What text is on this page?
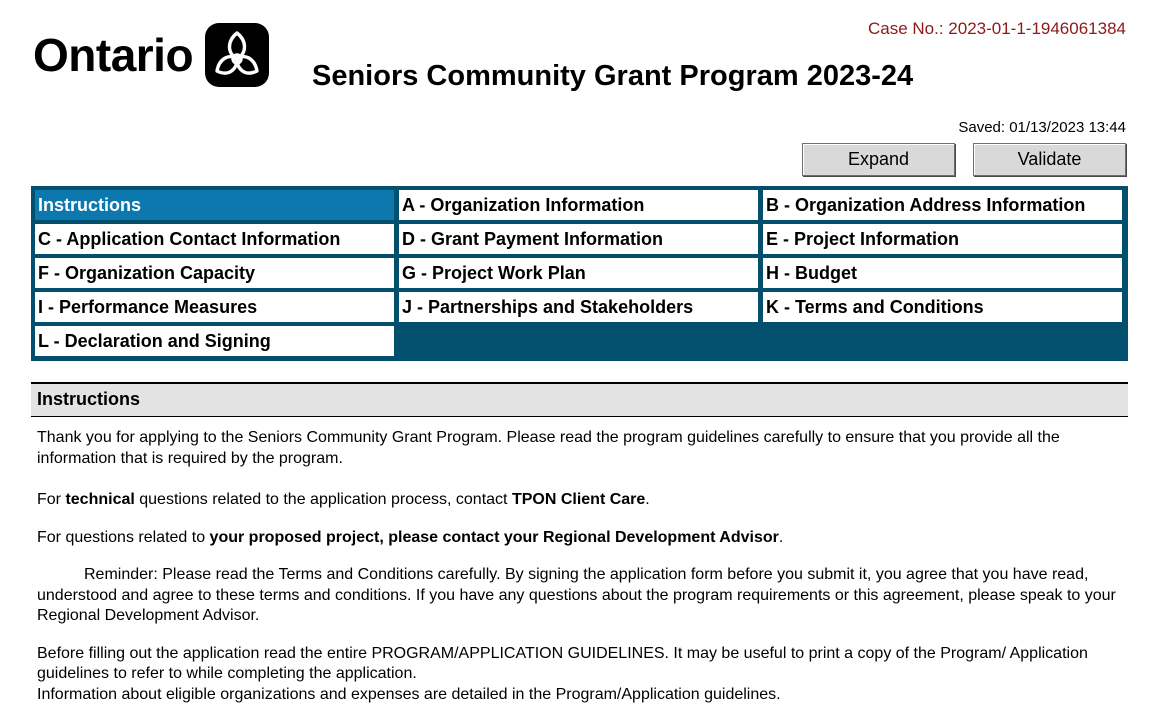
Ontario
Case No.: 2023-01-1-1946061384
Seniors Community Grant Program 2023-24
Saved: 01/13/2023 13:44
Expand	Validate
Instructions	A - Organization Information	B - Organization Address Information
C - Application Contact Information	D - Grant Payment Information	E - Project Information
F - Organization Capacity	G - Project Work Plan	H - Budget
I - Performance Measures	J - Partnerships and Stakeholders	K - Terms and Conditions
L - Declaration and Signing
Instructions

Thank you for applying to the Seniors Community Grant Program. Please read the program guidelines carefully to ensure that you provide all the information that is required by the program.

For technical questions related to the application process, contact TPON Client Care.

For questions related to your proposed project, please contact your Regional Development Advisor.

Reminder: Please read the Terms and Conditions carefully. By signing the application form before you submit it, you agree that you have read, understood and agree to these terms and conditions. If you have any questions about the program requirements or this agreement, please speak to your Regional Development Advisor.

Before filling out the application read the entire PROGRAM/APPLICATION GUIDELINES. It may be useful to print a copy of the Program/ Application guidelines to refer to while completing the application.

Information about eligible organizations and expenses are detailed in the Program/Application guidelines.
